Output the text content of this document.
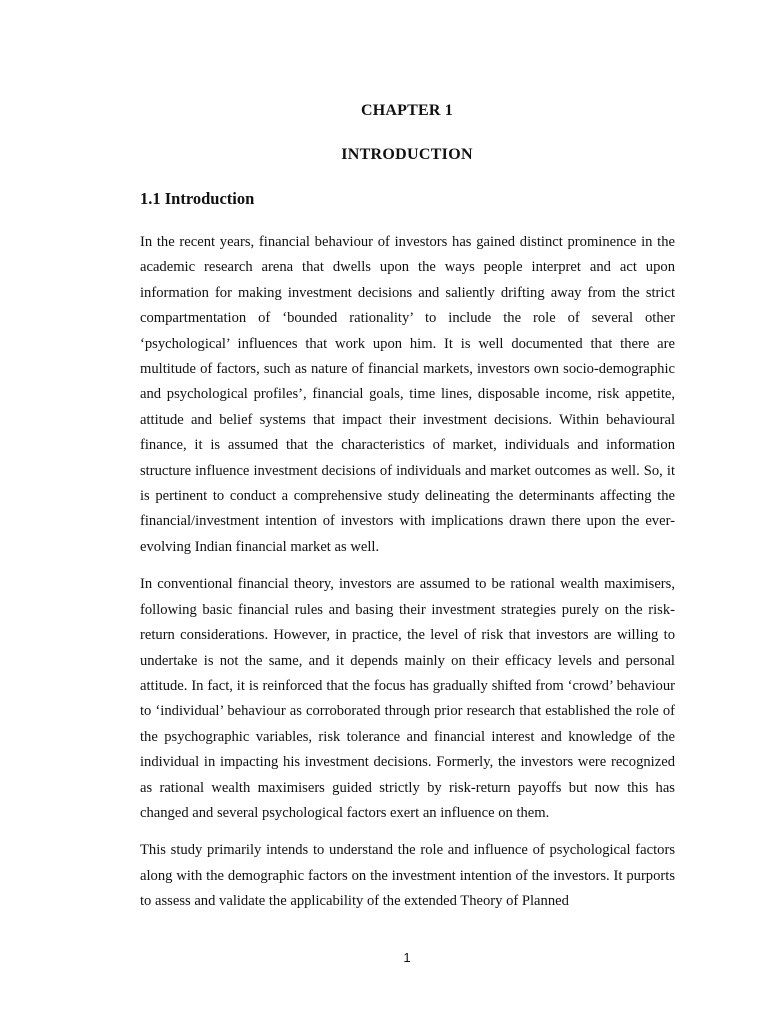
CHAPTER 1
INTRODUCTION
1.1 Introduction

In the recent years, financial behaviour of investors has gained distinct prominence in the academic research arena that dwells upon the ways people interpret and act upon information for making investment decisions and saliently drifting away from the strict compartmentation of ‘bounded rationality’ to include the role of several other ‘psychological’ influences that work upon him. It is well documented that there are multitude of factors, such as nature of financial markets, investors own socio-demographic and psychological profiles’, financial goals, time lines, disposable income, risk appetite, attitude and belief systems that impact their investment decisions. Within behavioural finance, it is assumed that the characteristics of market, individuals and information structure influence investment decisions of individuals and market outcomes as well. So, it is pertinent to conduct a comprehensive study delineating the determinants affecting the financial/investment intention of investors with implications drawn there upon the ever-evolving Indian financial market as well.

In conventional financial theory, investors are assumed to be rational wealth maximisers, following basic financial rules and basing their investment strategies purely on the risk-return considerations. However, in practice, the level of risk that investors are willing to undertake is not the same, and it depends mainly on their efficacy levels and personal attitude. In fact, it is reinforced that the focus has gradually shifted from ‘crowd’ behaviour to ‘individual’ behaviour as corroborated through prior research that established the role of the psychographic variables, risk tolerance and financial interest and knowledge of the individual in impacting his investment decisions. Formerly, the investors were recognized as rational wealth maximisers guided strictly by risk-return payoffs but now this has changed and several psychological factors exert an influence on them.

This study primarily intends to understand the role and influence of psychological factors along with the demographic factors on the investment intention of the investors. It purports to assess and validate the applicability of the extended Theory of Planned

1
